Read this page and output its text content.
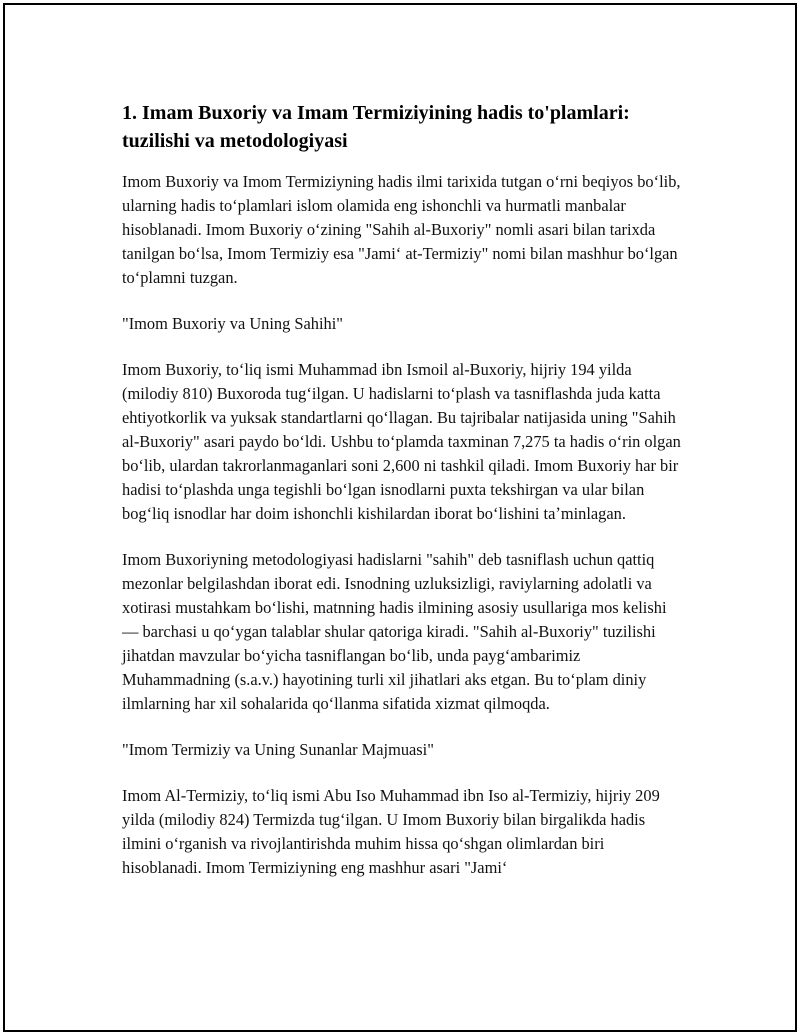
1. Imam Buxoriy va Imam Termiziyining hadis to'plamlari: tuzilishi va metodologiyasi

Imom Buxoriy va Imom Termiziyning hadis ilmi tarixida tutgan oʻrni beqiyos boʻlib, ularning hadis toʻplamlari islom olamida eng ishonchli va hurmatli manbalar hisoblanadi. Imom Buxoriy oʻzining "Sahih al-Buxoriy" nomli asari bilan tarixda tanilgan boʻlsa, Imom Termiziy esa "Jamiʻ at-Termiziy" nomi bilan mashhur boʻlgan toʻplamni tuzgan.

"Imom Buxoriy va Uning Sahihi"

Imom Buxoriy, toʻliq ismi Muhammad ibn Ismoil al-Buxoriy, hijriy 194 yilda (milodiy 810) Buxoroda tugʻilgan. U hadislarni toʻplash va tasniflashda juda katta ehtiyotkorlik va yuksak standartlarni qoʻllagan. Bu tajribalar natijasida uning "Sahih al-Buxoriy" asari paydo boʻldi. Ushbu toʻplamda taxminan 7,275 ta hadis oʻrin olgan boʻlib, ulardan takrorlanmaganlari soni 2,600 ni tashkil qiladi. Imom Buxoriy har bir hadisi toʻplashda unga tegishli boʻlgan isnodlarni puxta tekshirgan va ular bilan bogʻliq isnodlar har doim ishonchli kishilardan iborat boʻlishini taʼminlagan.

Imom Buxoriyning metodologiyasi hadislarni "sahih" deb tasniflash uchun qattiq mezonlar belgilashdan iborat edi. Isnodning uzluksizligi, raviylarning adolatli va xotirasi mustahkam boʻlishi, matnning hadis ilmining asosiy usullariga mos kelishi — barchasi u qoʻygan talablar shular qatoriga kiradi. "Sahih al-Buxoriy" tuzilishi jihatdan mavzular boʻyicha tasniflangan boʻlib, unda paygʻambarimiz Muhammadning (s.a.v.) hayotining turli xil jihatlari aks etgan. Bu toʻplam diniy ilmlarning har xil sohalarida qoʻllanma sifatida xizmat qilmoqda.

"Imom Termiziy va Uning Sunanlar Majmuasi"

Imom Al-Termiziy, toʻliq ismi Abu Iso Muhammad ibn Iso al-Termiziy, hijriy 209 yilda (milodiy 824) Termizda tugʻilgan. U Imom Buxoriy bilan birgalikda hadis ilmini oʻrganish va rivojlantirishda muhim hissa qoʻshgan olimlardan biri hisoblanadi. Imom Termiziyning eng mashhur asari "Jamiʻ
